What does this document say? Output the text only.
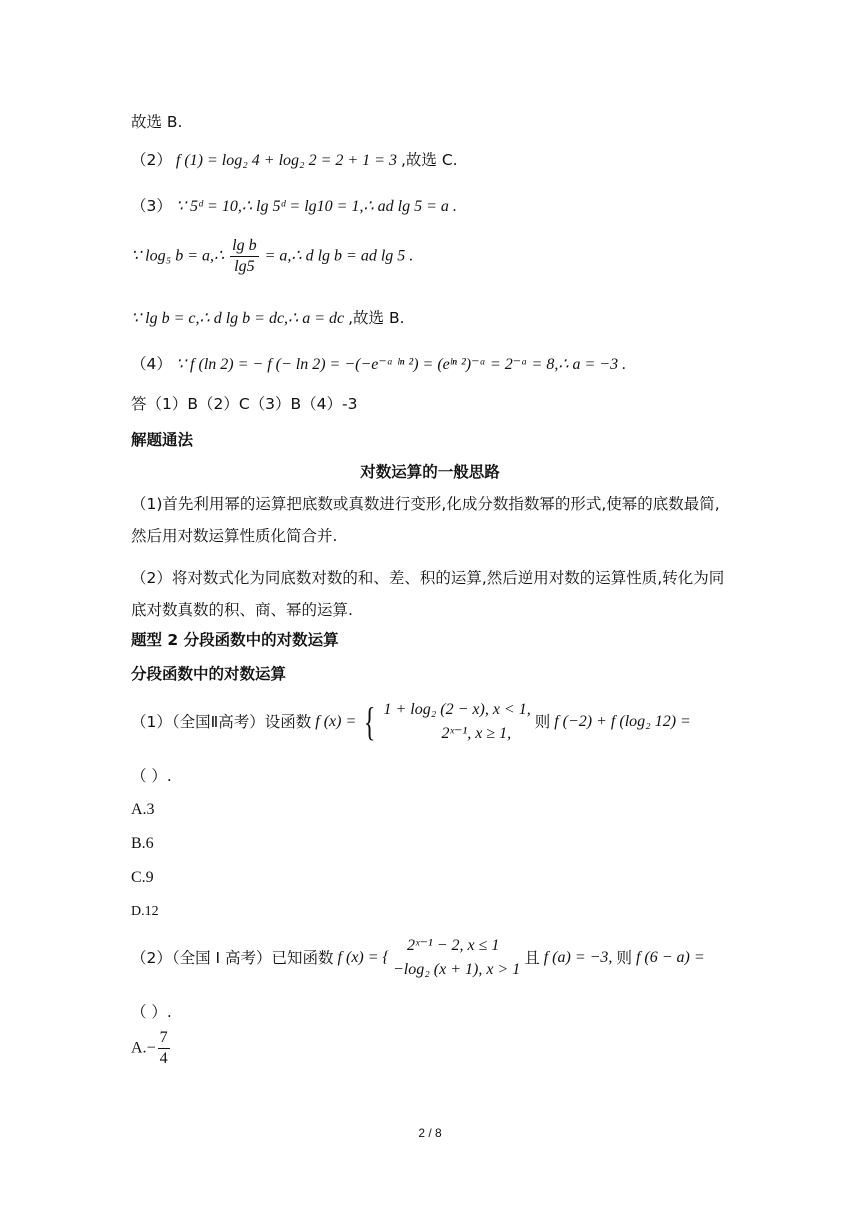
故选 B.
（2） f (1) = log₂ 4 + log₂ 2 = 2 + 1 = 3 ,故选 C.
（3） ∵ 5ᵈ = 10,∴ lg 5ᵈ = lg10 = 1,∴ ad lg 5 = a .
∵ log₅ b = a,∴ $\frac{\text{lg b}}{\lg 5}$ = a,∴ d lg b = ad lg 5 .
∵ lg b = c,∴ d lg b = dc,∴ a = dc ,故选 B.
（4） ∵ f (ln 2) = − f (− ln 2) = −(−e⁻ᵃ ˡⁿ ²) = (eˡⁿ ²)⁻ᵃ = 2⁻ᵃ = 8,∴ a = −3 .
答（1）B（2）C（3）B（4）-3
解题通法
对数运算的一般思路
（1)首先利用幂的运算把底数或真数进行变形,化成分数指数幂的形式,使幂的底数最简,然后用对数运算性质化简合并.
（2）将对数式化为同底数对数的和、差、积的运算,然后逆用对数的运算性质,转化为同底对数真数的积、商、幂的运算.
题型 2 分段函数中的对数运算
分段函数中的对数运算
（1）（全国Ⅱ高考）设函数 f (x) = { 1 + log₂ (2 − x), x < 1,
2ˣ⁻¹, x ≥ 1,
则 f (−2) + f (log₂ 12) =
（ ）.
A.3
B.6
C.9
D.12
（2）（全国 I 高考）已知函数 f (x) = {
2ˣ⁻¹ − 2, x ≤ 1
−log₂ (x + 1), x > 1
且 f (a) = −3, 则 f (6 − a) =
（ ）.
$A.- \frac{7}{4}$
2 / 8
